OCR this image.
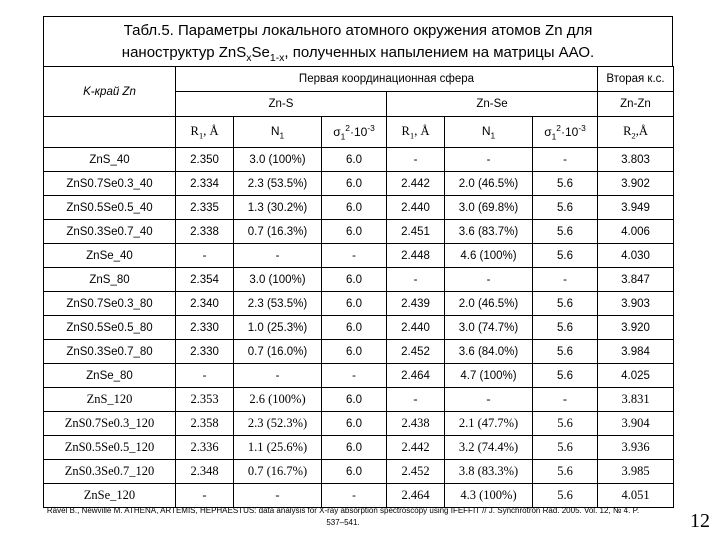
Табл.5. Параметры локального атомного окружения атомов Zn для
наноструктур $ZnS_xSe_{1-x}$, полученных напылением на матрицы ААО.
K-край Zn	Первая координационная сфера						Вторая к.с.
	Zn-S			Zn-Se			Zn-Zn
	$R_1$, Å	$N_1$	$\sigma_1^2\cdot 10^{-3}$	$R_1$, Å	$N_1$	$\sigma_1^2\cdot 10^{-3}$	$R_2,Å$
ZnS_40	2.350	3.0 (100%)	6.0	-	-	-	3.803
ZnS0.7Se0.3_40	2.334	2.3 (53.5%)	6.0	2.442	2.0 (46.5%)	5.6	3.902
ZnS0.5Se0.5_40	2.335	1.3 (30.2%)	6.0	2.440	3.0 (69.8%)	5.6	3.949
ZnS0.3Se0.7_40	2.338	0.7 (16.3%)	6.0	2.451	3.6 (83.7%)	5.6	4.006
ZnSe_40	-	-	-	2.448	4.6 (100%)	5.6	4.030
ZnS_80	2.354	3.0 (100%)	6.0	-	-	-	3.847
ZnS0.7Se0.3_80	2.340	2.3 (53.5%)	6.0	2.439	2.0 (46.5%)	5.6	3.903
ZnS0.5Se0.5_80	2.330	1.0 (25.3%)	6.0	2.440	3.0 (74.7%)	5.6	3.920
ZnS0.3Se0.7_80	2.330	0.7 (16.0%)	6.0	2.452	3.6 (84.0%)	5.6	3.984
ZnSe_80	-	-	-	2.464	4.7 (100%)	5.6	4.025
ZnS_120	2.353	2.6 (100%)	6.0	-	-	-	3.831
ZnS0.7Se0.3_120	2.358	2.3 (52.3%)	6.0	2.438	2.1 (47.7%)	5.6	3.904
ZnS0.5Se0.5_120	2.336	1.1 (25.6%)	6.0	2.442	3.2 (74.4%)	5.6	3.936
ZnS0.3Se0.7_120	2.348	0.7 (16.7%)	6.0	2.452	3.8 (83.3%)	5.6	3.985
ZnSe_120	-	-	-	2.464	4.3 (100%)	5.6	4.051
Ravel B., Newville M. ATHENA, ARTEMIS, HEPHAESTUS: data analysis for X-ray absorption spectroscopy using IFEFFIT // J. Synchrotron Rad. 2005. Vol. 12, № 4. P. 537–541.	12
